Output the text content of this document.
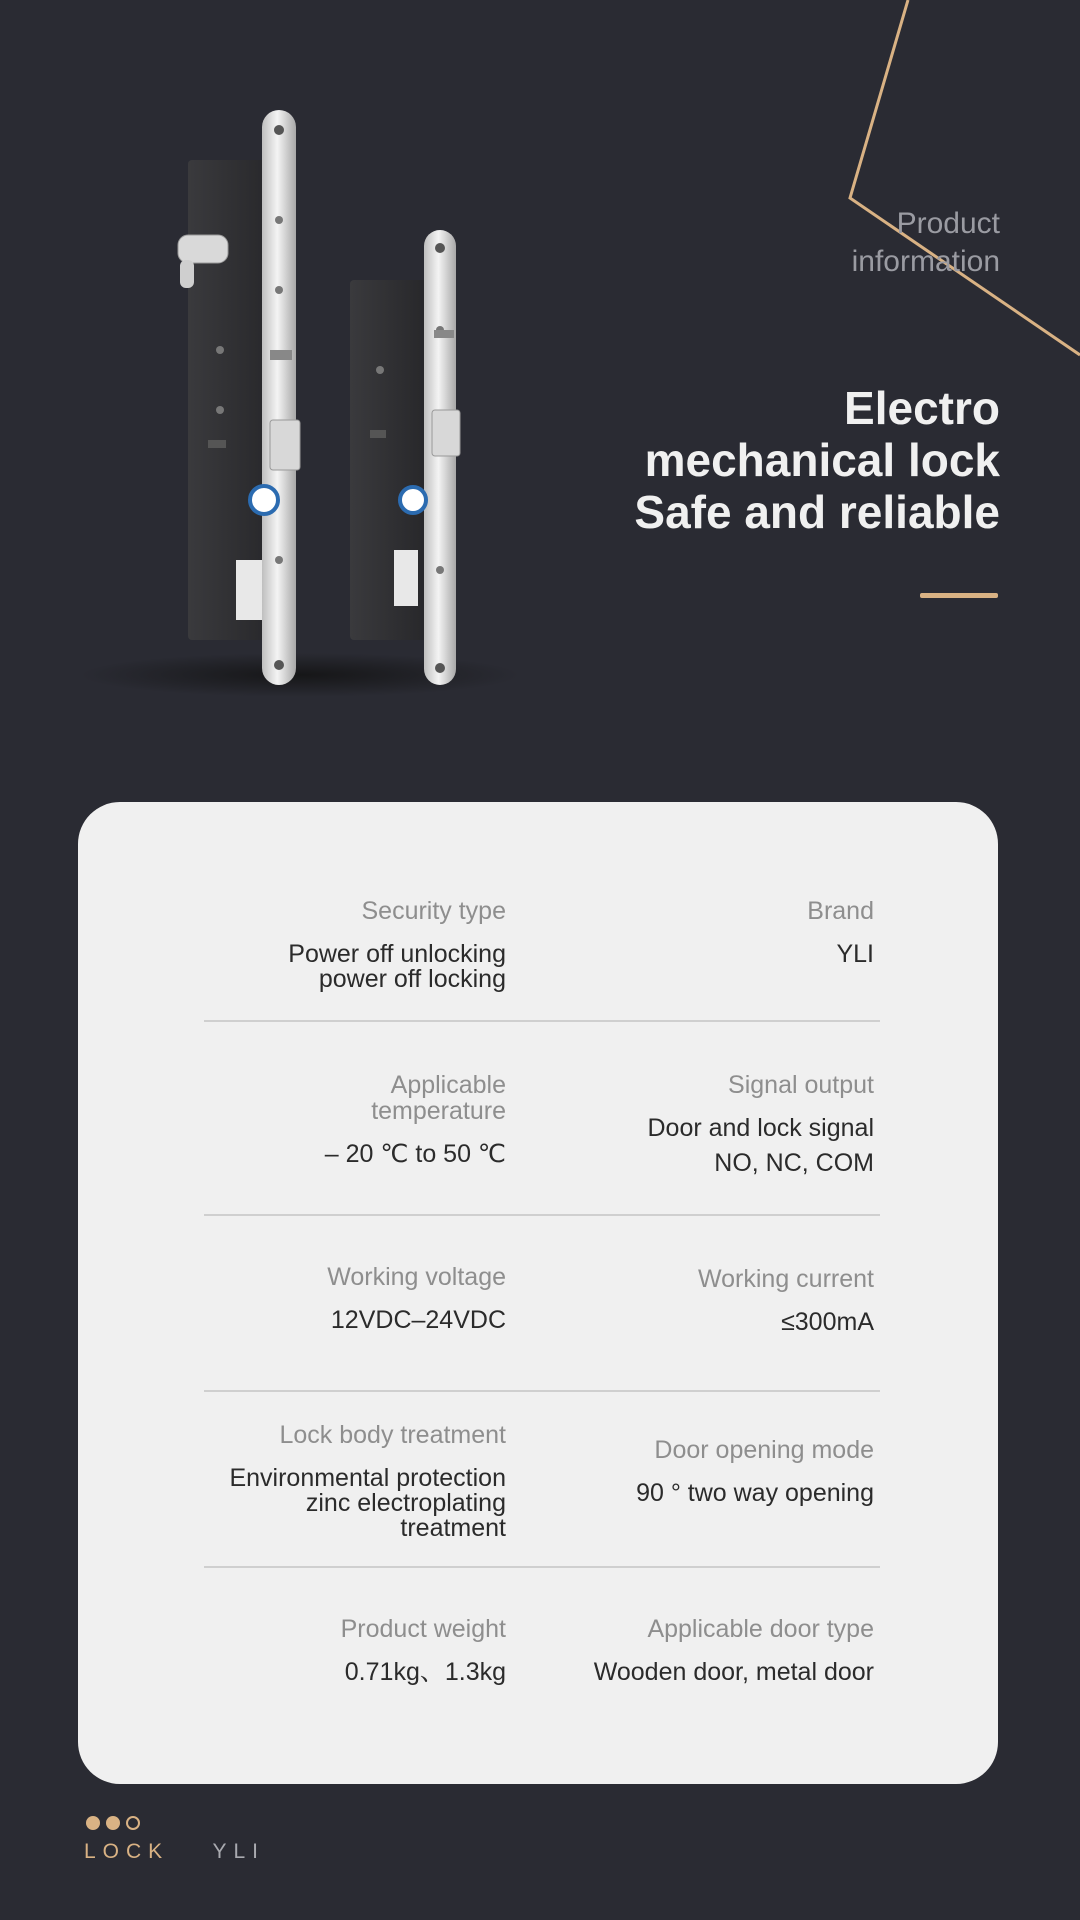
Product
information
Electro
mechanical lock
Safe and reliable
Security type
Power off unlocking
power off locking
Brand
YLI
Applicable
temperature
– 20 ℃ to 50 ℃
Signal output
Door and lock signal
NO, NC, COM
Working voltage
12VDC–24VDC
Working current
≤300mA
Lock body treatment
Environmental protection
zinc electroplating
treatment
Door opening mode
90 ° two way opening
Product weight
0.71kg、1.3kg
Applicable door type
Wooden door, metal door
LOCK YLI
